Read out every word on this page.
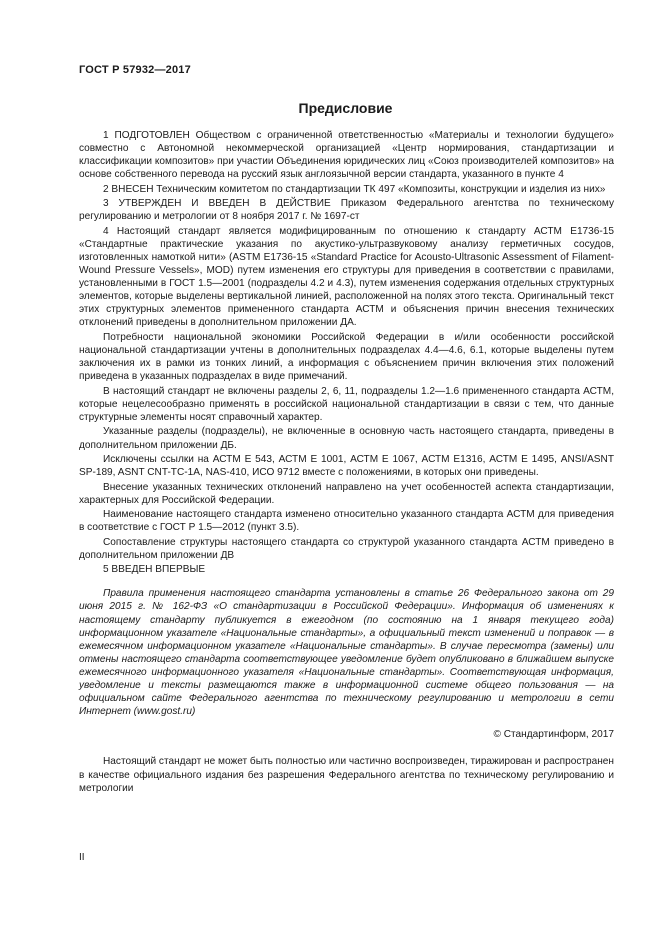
ГОСТ Р 57932—2017
Предисловие

1 ПОДГОТОВЛЕН Обществом с ограниченной ответственностью «Материалы и технологии будущего» совместно с Автономной некоммерческой организацией «Центр нормирования, стандартизации и классификации композитов» при участии Объединения юридических лиц «Союз производителей композитов» на основе собственного перевода на русский язык англоязычной версии стандарта, указанного в пункте 4

2 ВНЕСЕН Техническим комитетом по стандартизации ТК 497 «Композиты, конструкции и изделия из них»

3 УТВЕРЖДЕН И ВВЕДЕН В ДЕЙСТВИЕ Приказом Федерального агентства по техническому регулированию и метрологии от 8 ноября 2017 г. № 1697-ст

4 Настоящий стандарт является модифицированным по отношению к стандарту АСТМ Е1736-15 «Стандартные практические указания по акустико-ультразвуковому анализу герметичных сосудов, изготовленных намоткой нити» (ASTM E1736-15 «Standard Practice for Acousto-Ultrasonic Assessment of Filament-Wound Pressure Vessels», MOD) путем изменения его структуры для приведения в соответствии с правилами, установленными в ГОСТ 1.5—2001 (подразделы 4.2 и 4.3), путем изменения содержания отдельных структурных элементов, которые выделены вертикальной линией, расположенной на полях этого текста. Оригинальный текст этих структурных элементов примененного стандарта АСТМ и объяснения причин внесения технических отклонений приведены в дополнительном приложении ДА.

Потребности национальной экономики Российской Федерации в и/или особенности российской национальной стандартизации учтены в дополнительных подразделах 4.4—4.6, 6.1, которые выделены путем заключения их в рамки из тонких линий, а информация с объяснением причин включения этих положений приведена в указанных подразделах в виде примечаний.

В настоящий стандарт не включены разделы 2, 6, 11, подразделы 1.2—1.6 примененного стандарта АСТМ, которые нецелесообразно применять в российской национальной стандартизации в связи с тем, что данные структурные элементы носят справочный характер.

Указанные разделы (подразделы), не включенные в основную часть настоящего стандарта, приведены в дополнительном приложении ДБ.

Исключены ссылки на АСТМ Е 543, АСТМ Е 1001, АСТМ Е 1067, АСТМ Е1316, АСТМ Е 1495, ANSI/ASNT SP-189, ASNT CNT-TC-1A, NAS-410, ИСО 9712 вместе с положениями, в которых они приведены.

Внесение указанных технических отклонений направлено на учет особенностей аспекта стандартизации, характерных для Российской Федерации.

Наименование настоящего стандарта изменено относительно указанного стандарта АСТМ для приведения в соответствие с ГОСТ Р 1.5—2012 (пункт 3.5).

Сопоставление структуры настоящего стандарта со структурой указанного стандарта АСТМ приведено в дополнительном приложении ДВ

5 ВВЕДЕН ВПЕРВЫЕ

Правила применения настоящего стандарта установлены в статье 26 Федерального закона от 29 июня 2015 г. № 162-ФЗ «О стандартизации в Российской Федерации». Информация об изменениях к настоящему стандарту публикуется в ежегодном (по состоянию на 1 января текущего года) информационном указателе «Национальные стандарты», а официальный текст изменений и поправок — в ежемесячном информационном указателе «Национальные стандарты». В случае пересмотра (замены) или отмены настоящего стандарта соответствующее уведомление будет опубликовано в ближайшем выпуске ежемесячного информационного указателя «Национальные стандарты». Соответствующая информация, уведомление и тексты размещаются также в информационной системе общего пользования — на официальном сайте Федерального агентства по техническому регулированию и метрологии в сети Интернет (www.gost.ru)
© Стандартинформ, 2017

Настоящий стандарт не может быть полностью или частично воспроизведен, тиражирован и распространен в качестве официального издания без разрешения Федерального агентства по техническому регулированию и метрологии

II
